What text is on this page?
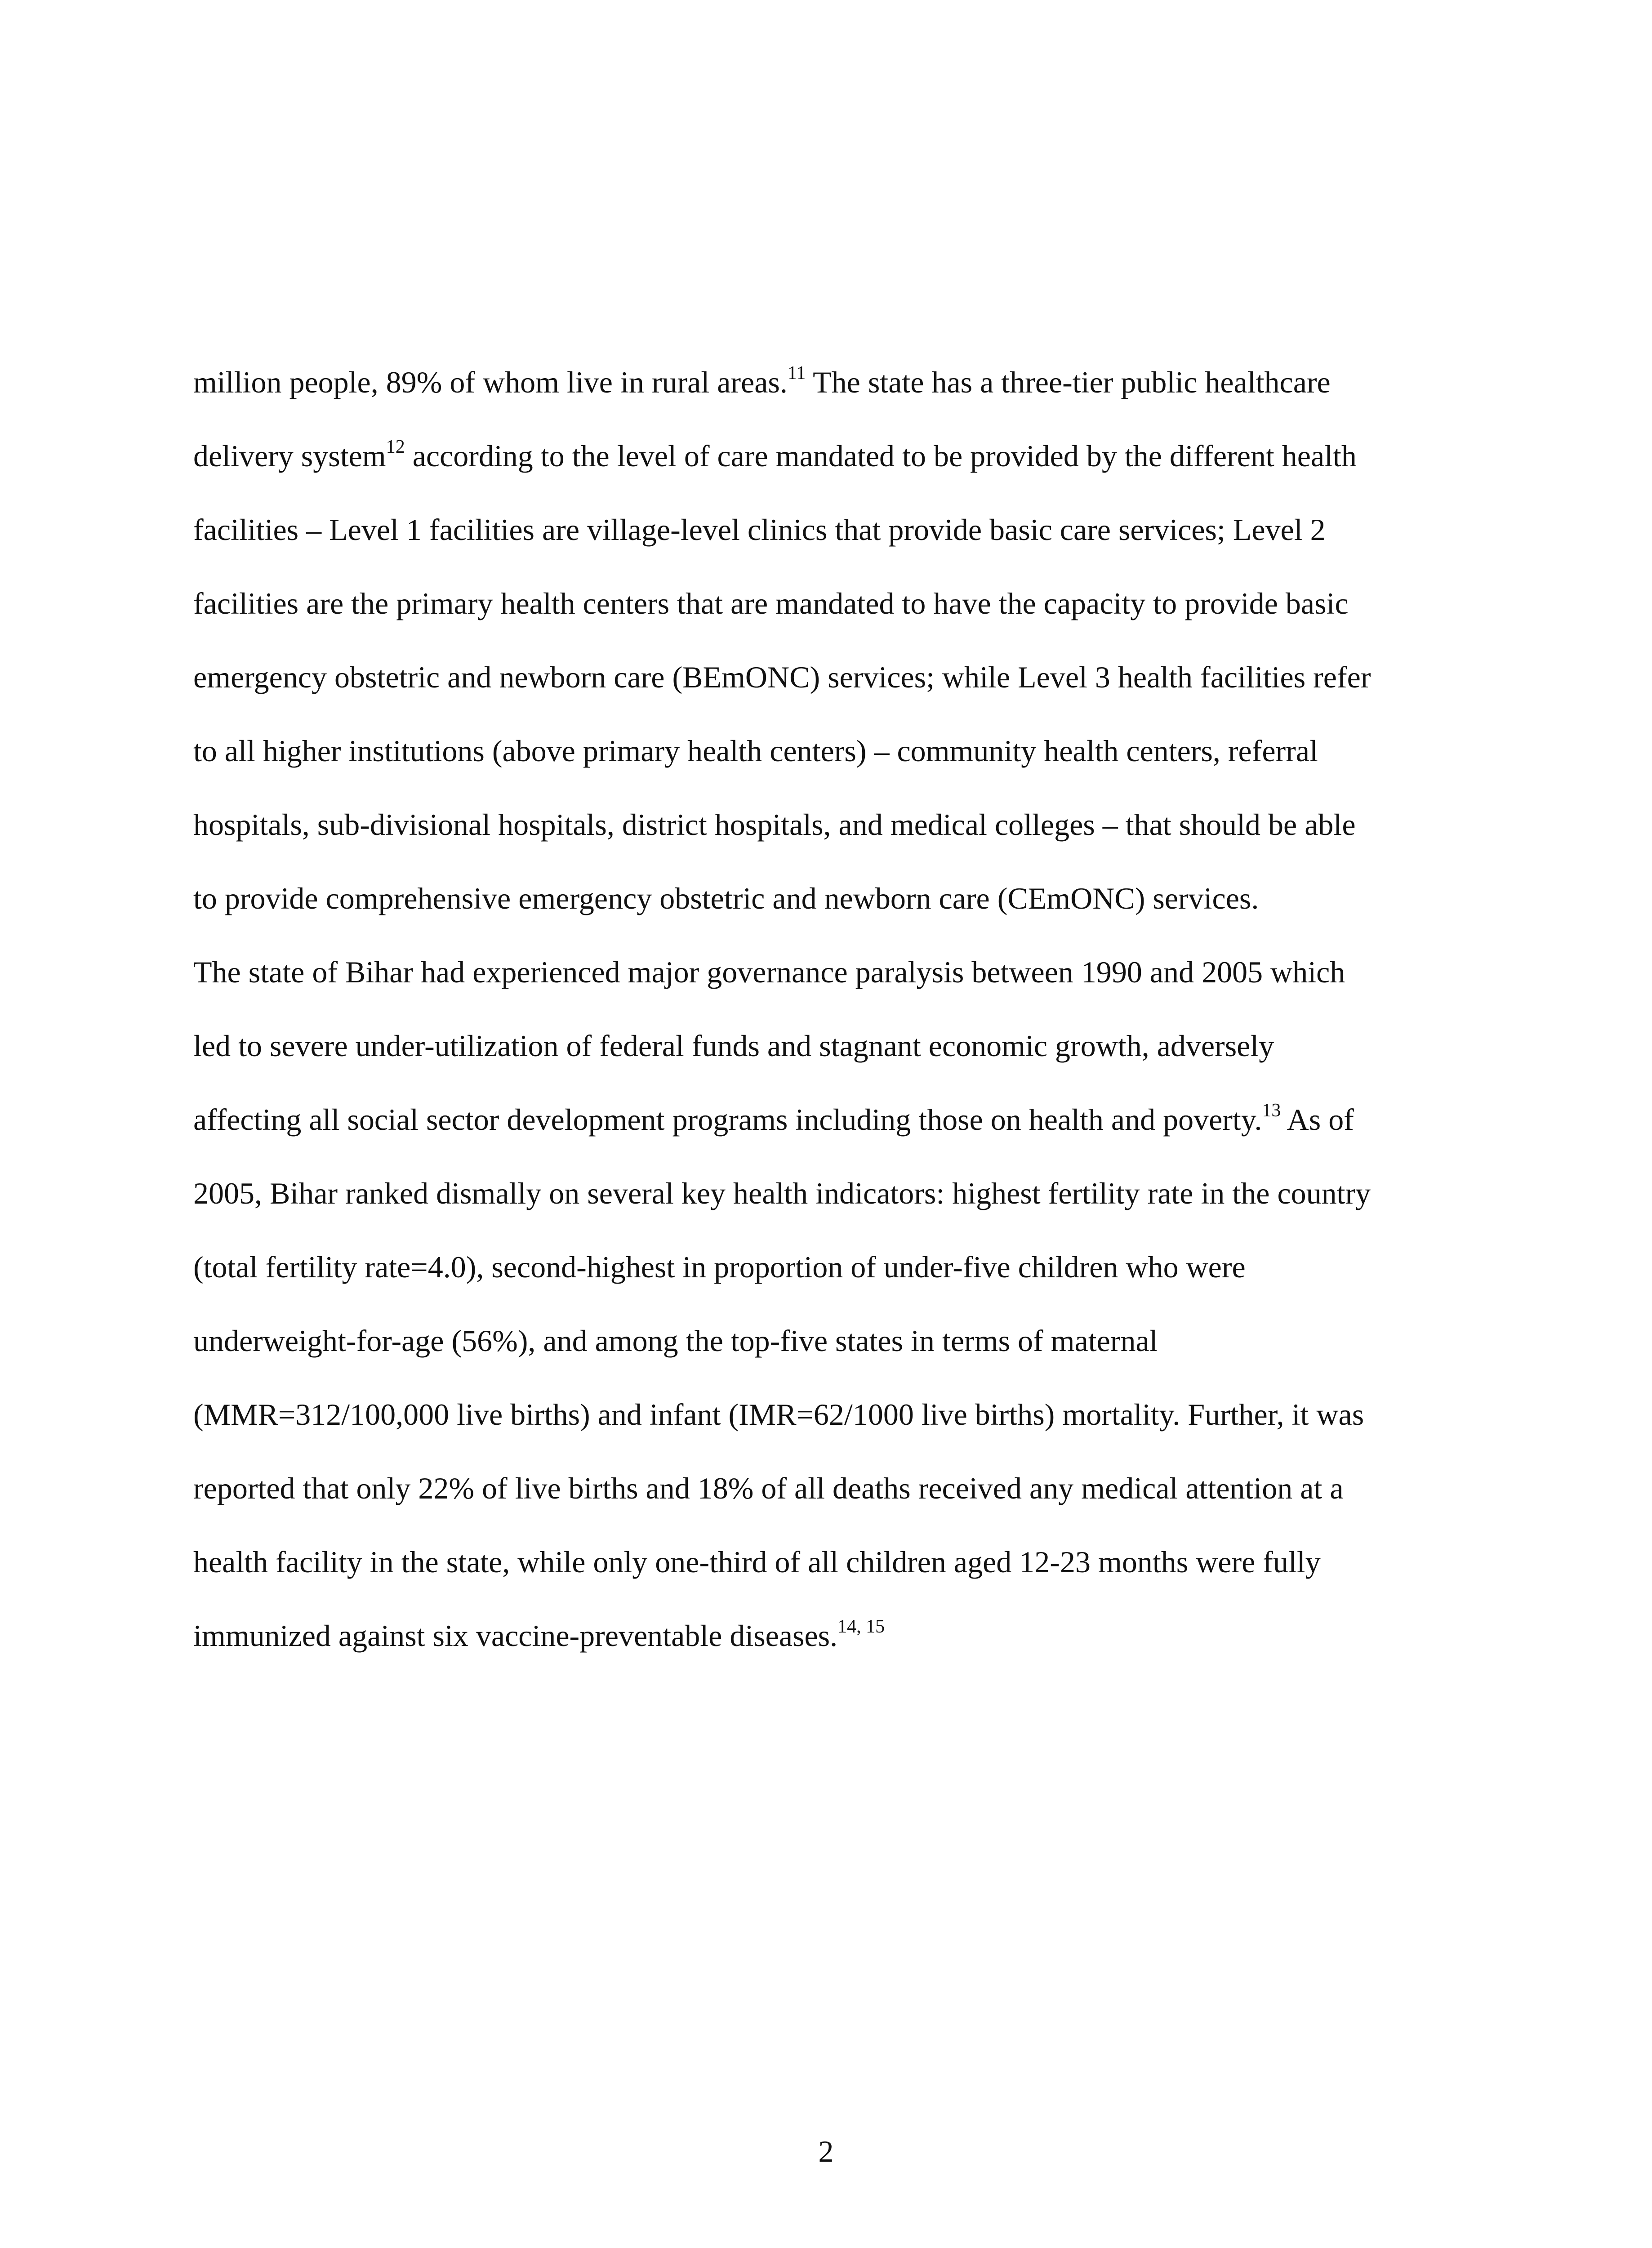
million people, 89% of whom live in rural areas.$^{11}$ The state has a three-tier public healthcare
delivery system$^{12}$ according to the level of care mandated to be provided by the different health
facilities – Level 1 facilities are village-level clinics that provide basic care services; Level 2
facilities are the primary health centers that are mandated to have the capacity to provide basic
emergency obstetric and newborn care (BEmONC) services; while Level 3 health facilities refer
to all higher institutions (above primary health centers) – community health centers, referral
hospitals, sub-divisional hospitals, district hospitals, and medical colleges – that should be able
to provide comprehensive emergency obstetric and newborn care (CEmONC) services.
The state of Bihar had experienced major governance paralysis between 1990 and 2005 which
led to severe under-utilization of federal funds and stagnant economic growth, adversely
affecting all social sector development programs including those on health and poverty.$^{13}$ As of
2005, Bihar ranked dismally on several key health indicators: highest fertility rate in the country
(total fertility rate=4.0), second-highest in proportion of under-five children who were
underweight-for-age (56%), and among the top-five states in terms of maternal
(MMR=312/100,000 live births) and infant (IMR=62/1000 live births) mortality. Further, it was
reported that only 22% of live births and 18% of all deaths received any medical attention at a
health facility in the state, while only one-third of all children aged 12-23 months were fully
immunized against six vaccine-preventable diseases.$^{14, 15}$
2
